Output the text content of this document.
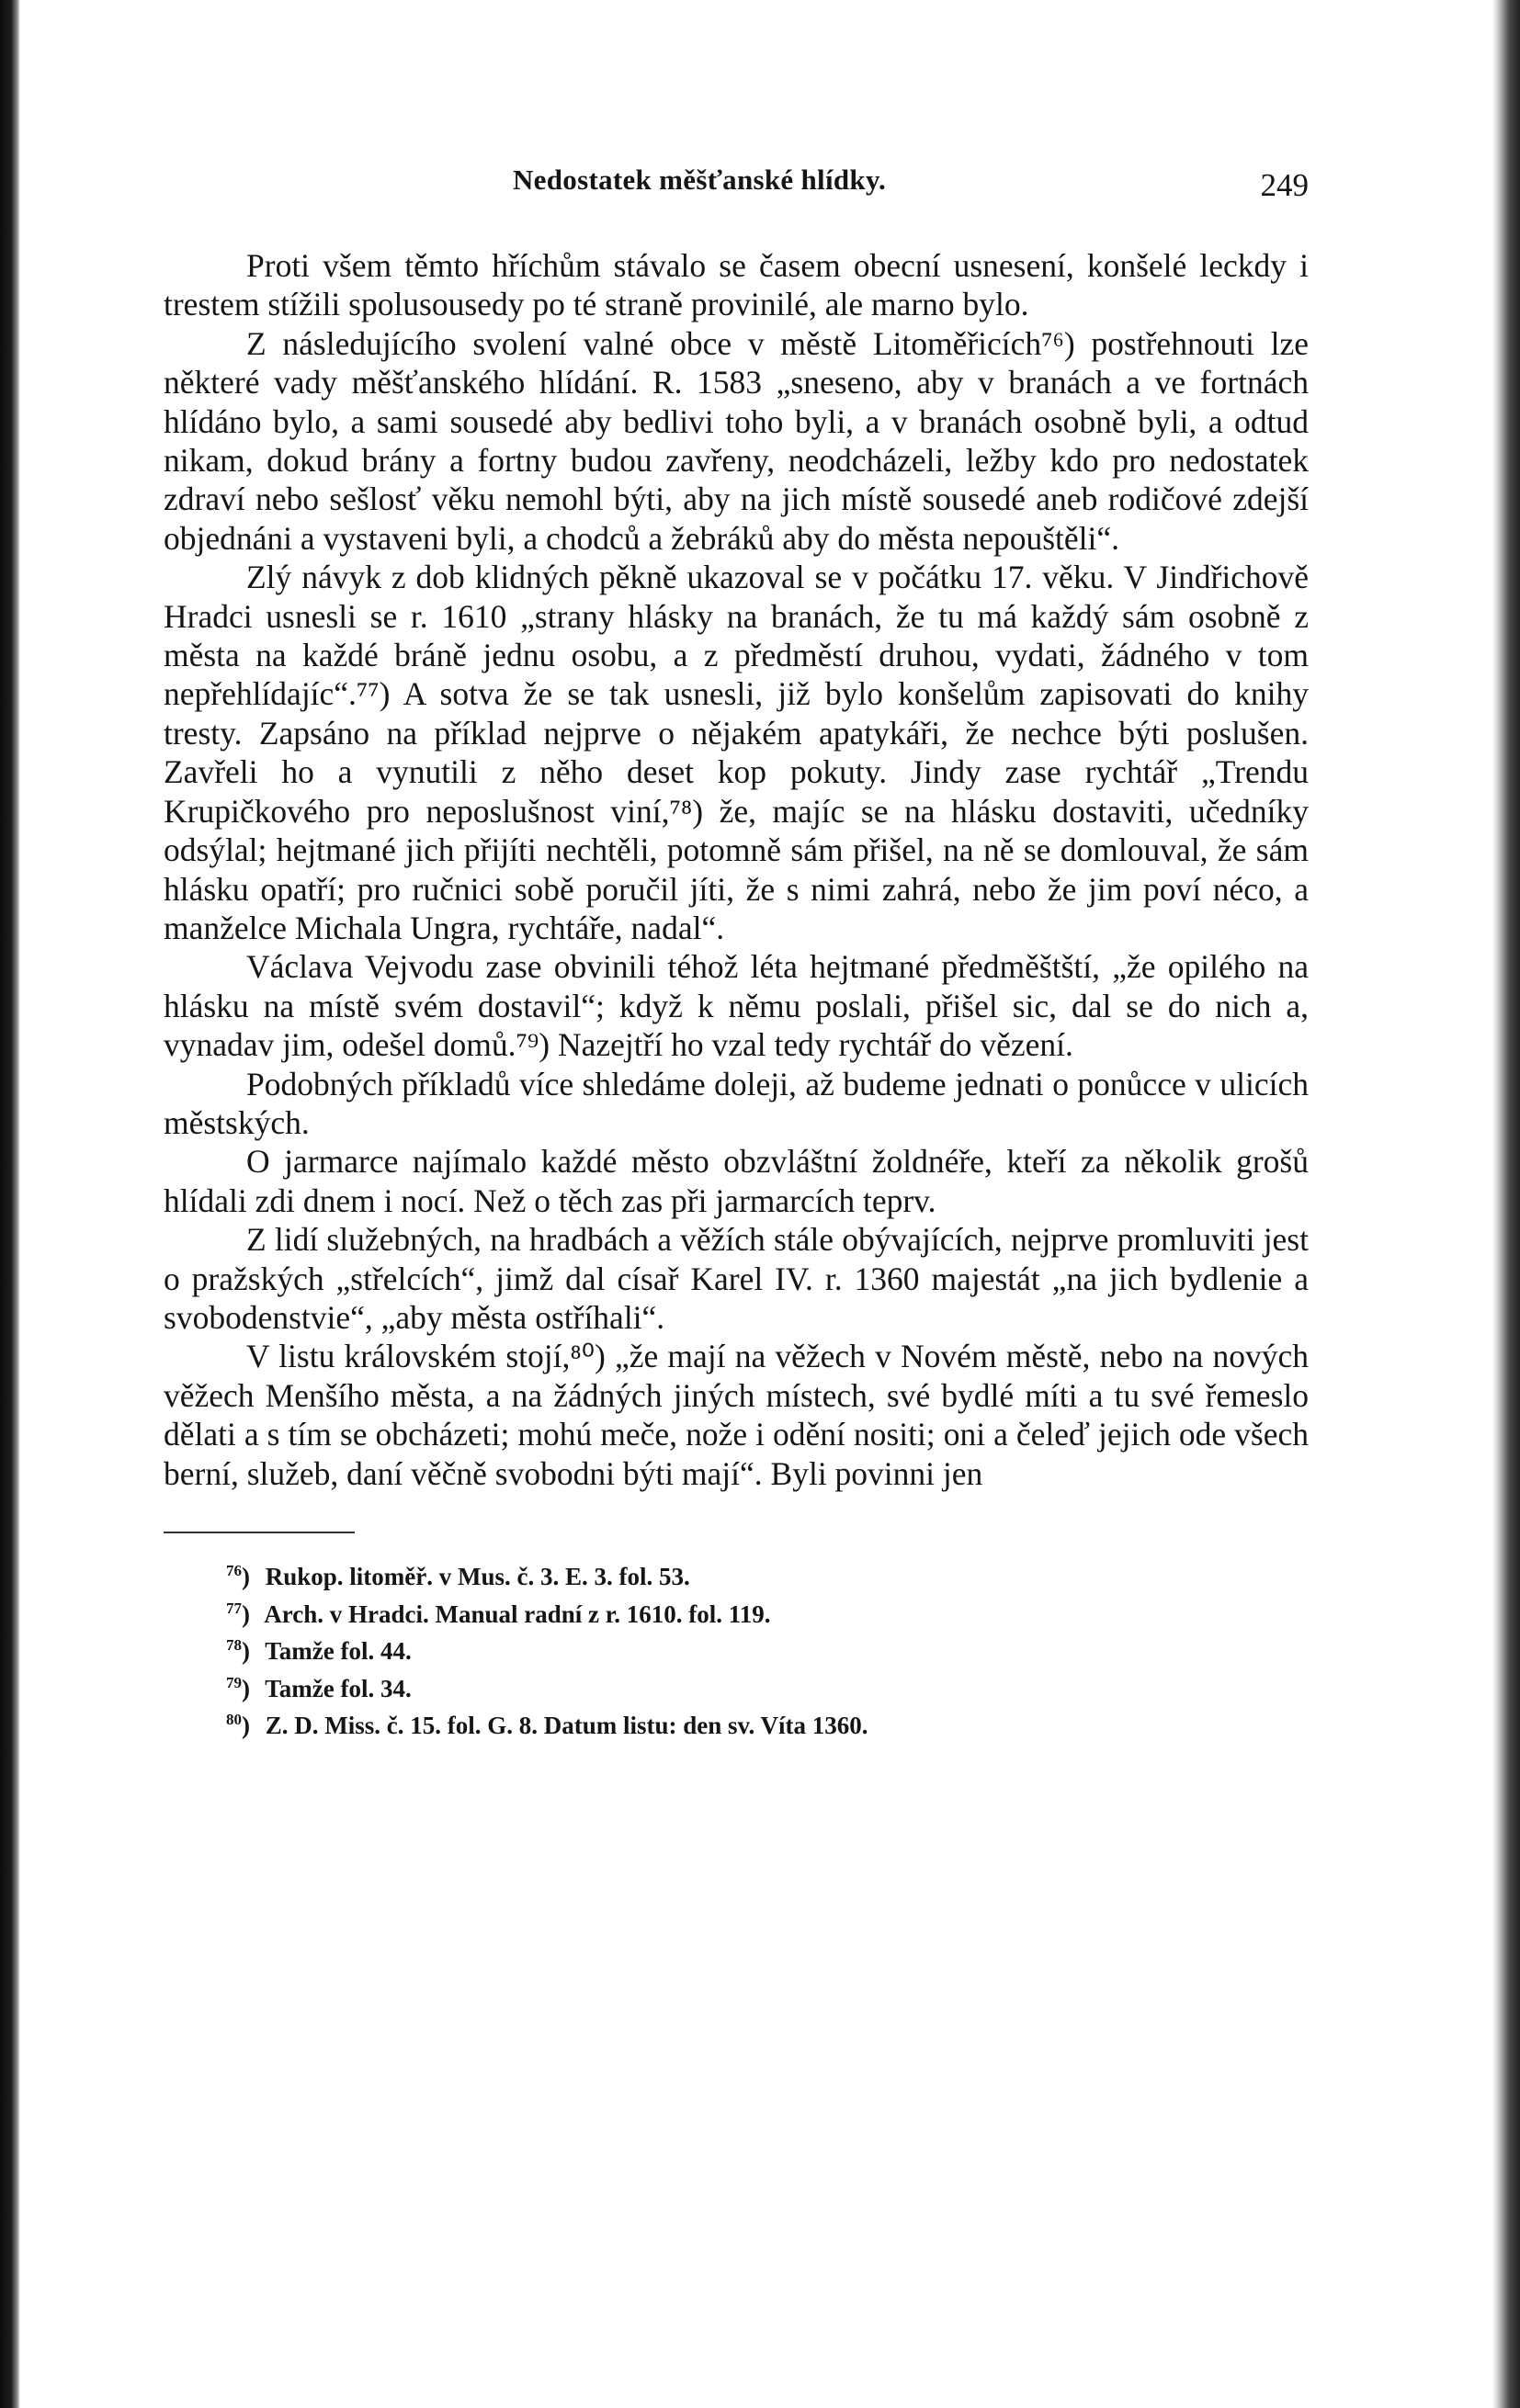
Nedostatek měšťanské hlídky.	249

Proti všem těmto hříchům stávalo se časem obecní usnesení, konšelé leckdy i trestem stížili spolusousedy po té straně provinilé, ale marno bylo.

Z následujícího svolení valné obce v městě Litoměřicích⁷⁶) postřehnouti lze některé vady měšťanského hlídání. R. 1583 „sneseno, aby v branách a ve fortnách hlídáno bylo, a sami sousedé aby bedlivi toho byli, a v branách osobně byli, a odtud nikam, dokud brány a fortny budou zavřeny, neodcházeli, ležby kdo pro nedostatek zdraví nebo sešlosť věku nemohl býti, aby na jich místě sousedé aneb rodičové zdejší objednáni a vystaveni byli, a chodců a žebráků aby do města nepouštěli“.

Zlý návyk z dob klidných pěkně ukazoval se v počátku 17. věku. V Jindřichově Hradci usnesli se r. 1610 „strany hlásky na branách, že tu má každý sám osobně z města na každé bráně jednu osobu, a z předměstí druhou, vydati, žádného v tom nepřehlídajíc“.⁷⁷) A sotva že se tak usnesli, již bylo konšelům zapisovati do knihy tresty. Zapsáno na příklad nejprve o nějakém apatykáři, že nechce býti poslušen. Zavřeli ho a vynutili z něho deset kop pokuty. Jindy zase rychtář „Trendu Krupičkového pro neposlušnost viní,⁷⁸) že, majíc se na hlásku dostaviti, učedníky odsýlal; hejtmané jich přijíti nechtěli, potomně sám přišel, na ně se domlouval, že sám hlásku opatří; pro ručnici sobě poručil jíti, že s nimi zahrá, nebo že jim poví néco, a manželce Michala Ungra, rychtáře, nadal“.

Václava Vejvodu zase obvinili téhož léta hejtmané předměštští, „že opilého na hlásku na místě svém dostavil“; když k němu poslali, přišel sic, dal se do nich a, vynadav jim, odešel domů.⁷⁹) Nazejtří ho vzal tedy rychtář do vězení.

Podobných příkladů více shledáme doleji, až budeme jednati o ponůcce v ulicích městských.

O jarmarce najímalo každé město obzvláštní žoldnéře, kteří za několik grošů hlídali zdi dnem i nocí. Než o těch zas při jarmarcích teprv.

Z lidí služebných, na hradbách a věžích stále obývajících, nejprve promluviti jest o pražských „střelcích“, jimž dal císař Karel IV. r. 1360 majestát „na jich bydlenie a svobodenstvie“, „aby města ostříhali“.

V listu královském stojí,⁸⁰) „že mají na věžech v Novém městě, nebo na nových věžech Menšího města, a na žádných jiných místech, své bydlé míti a tu své řemeslo dělati a s tím se obcházeti; mohú meče, nože i odění nositi; oni a čeleď jejich ode všech berní, služeb, daní věčně svobodni býti mají“. Byli povinni jen

$^{76}$) Rukop. litoměř. v Mus. č. 3. E. 3. fol. 53.
$^{77}$) Arch. v Hradci. Manual radní z r. 1610. fol. 119.
$^{78}$) Tamže fol. 44.
$^{79}$) Tamže fol. 34.
$^{80}$) Z. D. Miss. č. 15. fol. G. 8. Datum listu: den sv. Víta 1360.
